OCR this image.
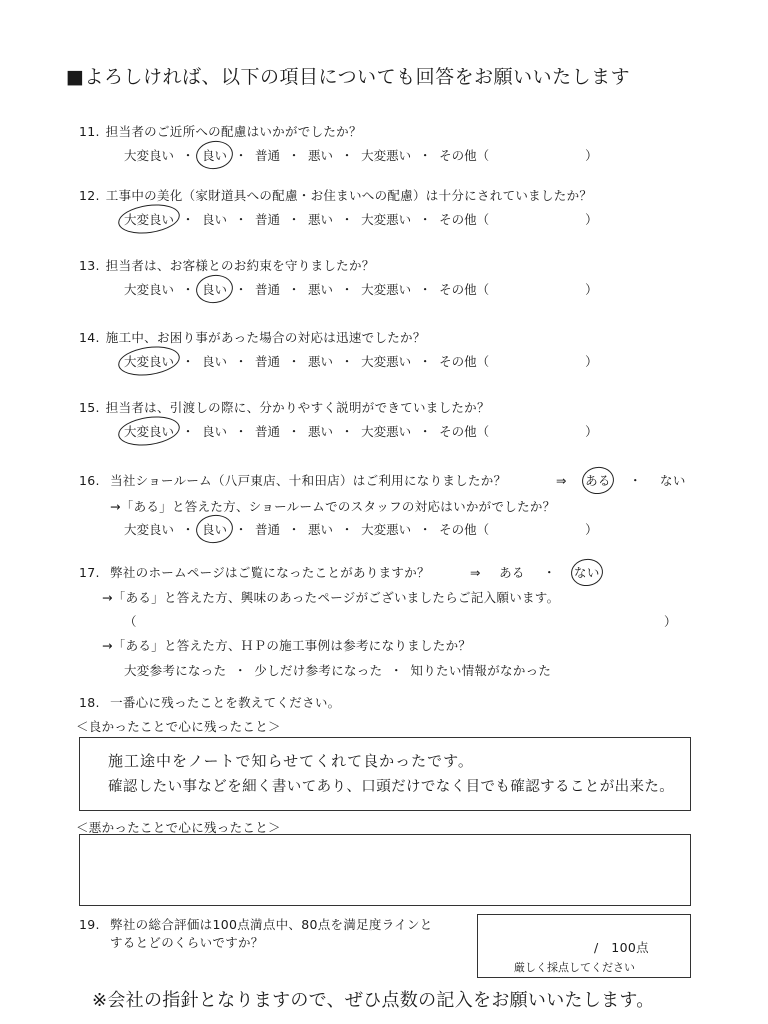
■よろしければ、以下の項目についても回答をお願いいたします
11. 担当者のご近所への配慮はいかがでしたか？
大変良い ・ 良い ・ 普通 ・ 悪い ・ 大変悪い ・ その他（	）
12. 工事中の美化（家財道具への配慮・お住まいへの配慮）は十分にされていましたか？
大変良い ・ 良い ・ 普通 ・ 悪い ・ 大変悪い ・ その他（	）
13. 担当者は、お客様とのお約束を守りましたか？
大変良い ・ 良い ・ 普通 ・ 悪い ・ 大変悪い ・ その他（	）
14. 施工中、お困り事があった場合の対応は迅速でしたか？
大変良い ・ 良い ・ 普通 ・ 悪い ・ 大変悪い ・ その他（	）
15. 担当者は、引渡しの際に、分かりやすく説明ができていましたか？
大変良い ・ 良い ・ 普通 ・ 悪い ・ 大変悪い ・ その他（	）
16. 当社ショールーム（八戸東店、十和田店）はご利用になりましたか？	⇒ ある ・ ない
→「ある」と答えた方、ショールームでのスタッフの対応はいかがでしたか？
大変良い ・ 良い ・ 普通 ・ 悪い ・ 大変悪い ・ その他（	）
17. 弊社のホームページはご覧になったことがありますか？	⇒ ある ・ ない
→「ある」と答えた方、興味のあったページがございましたらご記入願います。
（	）
→「ある」と答えた方、ＨＰの施工事例は参考になりましたか？
大変参考になった ・ 少しだけ参考になった ・ 知りたい情報がなかった
18. 一番心に残ったことを教えてください。
＜良かったことで心に残ったこと＞
施工途中をノートで知らせてくれて良かったです。
確認したい事などを細く書いてあり、口頭だけでなく目でも確認することが出来た。
＜悪かったことで心に残ったこと＞
19. 弊社の総合評価は100点満点中、80点を満足度ラインと
するとどのくらいですか？	/　100点
厳しく採点してください
※会社の指針となりますので、ぜひ点数の記入をお願いいたします。
